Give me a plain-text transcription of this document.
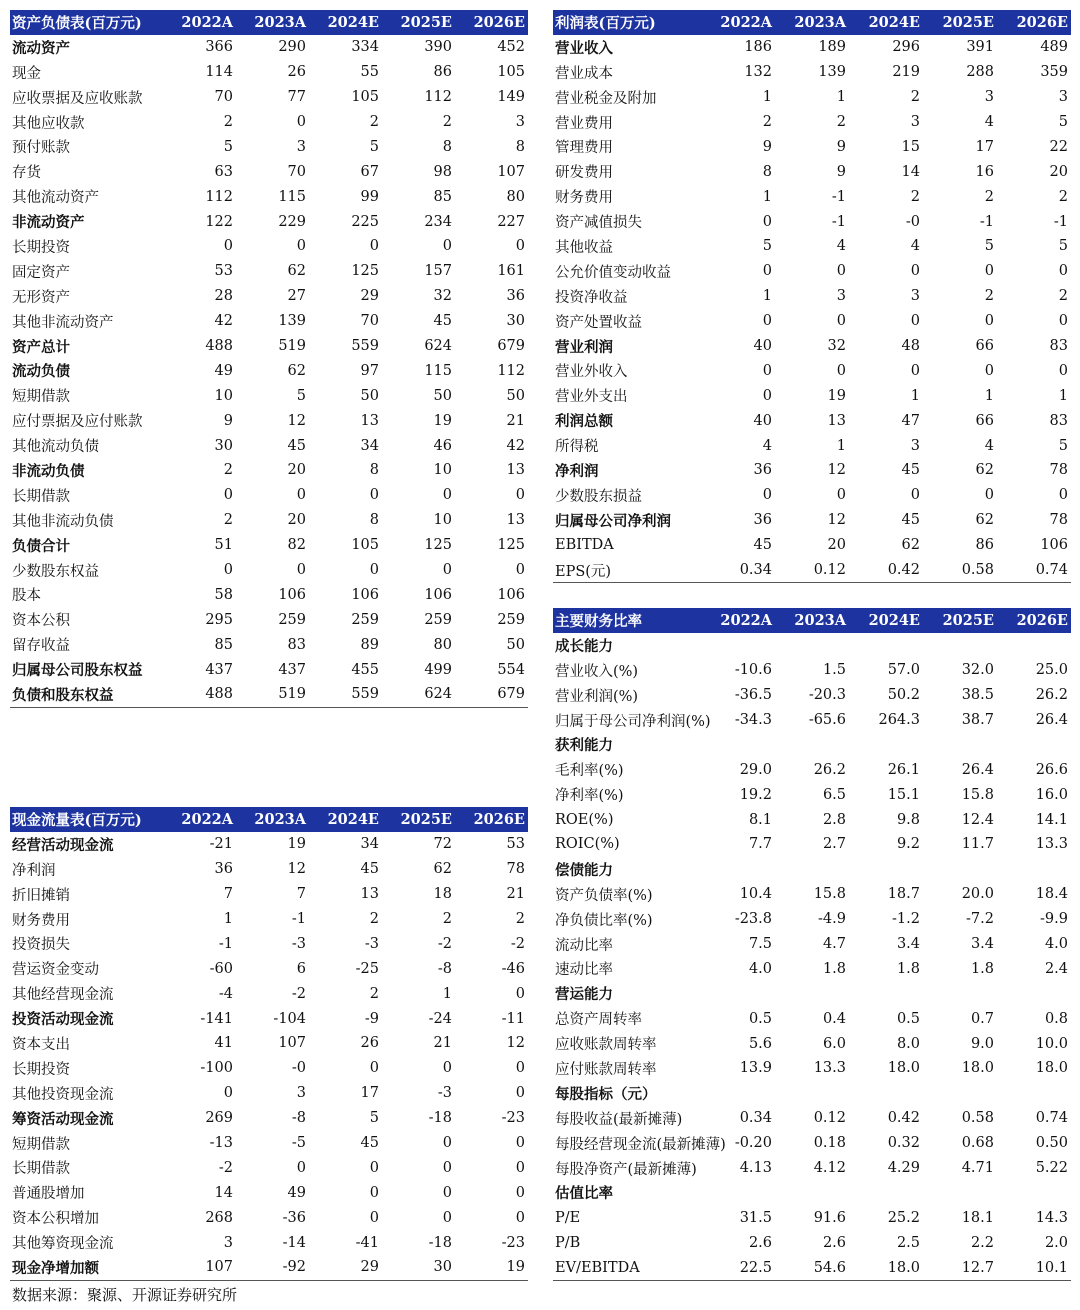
资产负债表(百万元)	2022A	2023A	2024E	2025E	2026E
流动资产	366	290	334	390	452
现金	114	26	55	86	105
应收票据及应收账款	70	77	105	112	149
其他应收款	2	0	2	2	3
预付账款	5	3	5	8	8
存货	63	70	67	98	107
其他流动资产	112	115	99	85	80
非流动资产	122	229	225	234	227
长期投资	0	0	0	0	0
固定资产	53	62	125	157	161
无形资产	28	27	29	32	36
其他非流动资产	42	139	70	45	30
资产总计	488	519	559	624	679
流动负债	49	62	97	115	112
短期借款	10	5	50	50	50
应付票据及应付账款	9	12	13	19	21
其他流动负债	30	45	34	46	42
非流动负债	2	20	8	10	13
长期借款	0	0	0	0	0
其他非流动负债	2	20	8	10	13
负债合计	51	82	105	125	125
少数股东权益	0	0	0	0	0
股本	58	106	106	106	106
资本公积	295	259	259	259	259
留存收益	85	83	89	80	50
归属母公司股东权益	437	437	455	499	554
负债和股东权益	488	519	559	624	679
利润表(百万元)	2022A	2023A	2024E	2025E	2026E
营业收入	186	189	296	391	489
营业成本	132	139	219	288	359
营业税金及附加	1	1	2	3	3
营业费用	2	2	3	4	5
管理费用	9	9	15	17	22
研发费用	8	9	14	16	20
财务费用	1	-1	2	2	2
资产减值损失	0	-1	-0	-1	-1
其他收益	5	4	4	5	5
公允价值变动收益	0	0	0	0	0
投资净收益	1	3	3	2	2
资产处置收益	0	0	0	0	0
营业利润	40	32	48	66	83
营业外收入	0	0	0	0	0
营业外支出	0	19	1	1	1
利润总额	40	13	47	66	83
所得税	4	1	3	4	5
净利润	36	12	45	62	78
少数股东损益	0	0	0	0	0
归属母公司净利润	36	12	45	62	78
EBITDA	45	20	62	86	106
EPS(元)	0.34	0.12	0.42	0.58	0.74
现金流量表(百万元)	2022A	2023A	2024E	2025E	2026E
经营活动现金流	-21	19	34	72	53
净利润	36	12	45	62	78
折旧摊销	7	7	13	18	21
财务费用	1	-1	2	2	2
投资损失	-1	-3	-3	-2	-2
营运资金变动	-60	6	-25	-8	-46
其他经营现金流	-4	-2	2	1	0
投资活动现金流	-141	-104	-9	-24	-11
资本支出	41	107	26	21	12
长期投资	-100	-0	0	0	0
其他投资现金流	0	3	17	-3	0
筹资活动现金流	269	-8	5	-18	-23
短期借款	-13	-5	45	0	0
长期借款	-2	0	0	0	0
普通股增加	14	49	0	0	0
资本公积增加	268	-36	0	0	0
其他筹资现金流	3	-14	-41	-18	-23
现金净增加额	107	-92	29	30	19
主要财务比率	2022A	2023A	2024E	2025E	2026E
成长能力					
营业收入(%)	-10.6	1.5	57.0	32.0	25.0
营业利润(%)	-36.5	-20.3	50.2	38.5	26.2
归属于母公司净利润(%)	-34.3	-65.6	264.3	38.7	26.4
获利能力					
毛利率(%)	29.0	26.2	26.1	26.4	26.6
净利率(%)	19.2	6.5	15.1	15.8	16.0
ROE(%)	8.1	2.8	9.8	12.4	14.1
ROIC(%)	7.7	2.7	9.2	11.7	13.3
偿债能力					
资产负债率(%)	10.4	15.8	18.7	20.0	18.4
净负债比率(%)	-23.8	-4.9	-1.2	-7.2	-9.9
流动比率	7.5	4.7	3.4	3.4	4.0
速动比率	4.0	1.8	1.8	1.8	2.4
营运能力					
总资产周转率	0.5	0.4	0.5	0.7	0.8
应收账款周转率	5.6	6.0	8.0	9.0	10.0
应付账款周转率	13.9	13.3	18.0	18.0	18.0
每股指标（元）					
每股收益(最新摊薄)	0.34	0.12	0.42	0.58	0.74
每股经营现金流(最新摊薄)	-0.20	0.18	0.32	0.68	0.50
每股净资产(最新摊薄)	4.13	4.12	4.29	4.71	5.22
估值比率					
P/E	31.5	91.6	25.2	18.1	14.3
P/B	2.6	2.6	2.5	2.2	2.0
EV/EBITDA	22.5	54.6	18.0	12.7	10.1
数据来源：聚源、开源证券研究所
